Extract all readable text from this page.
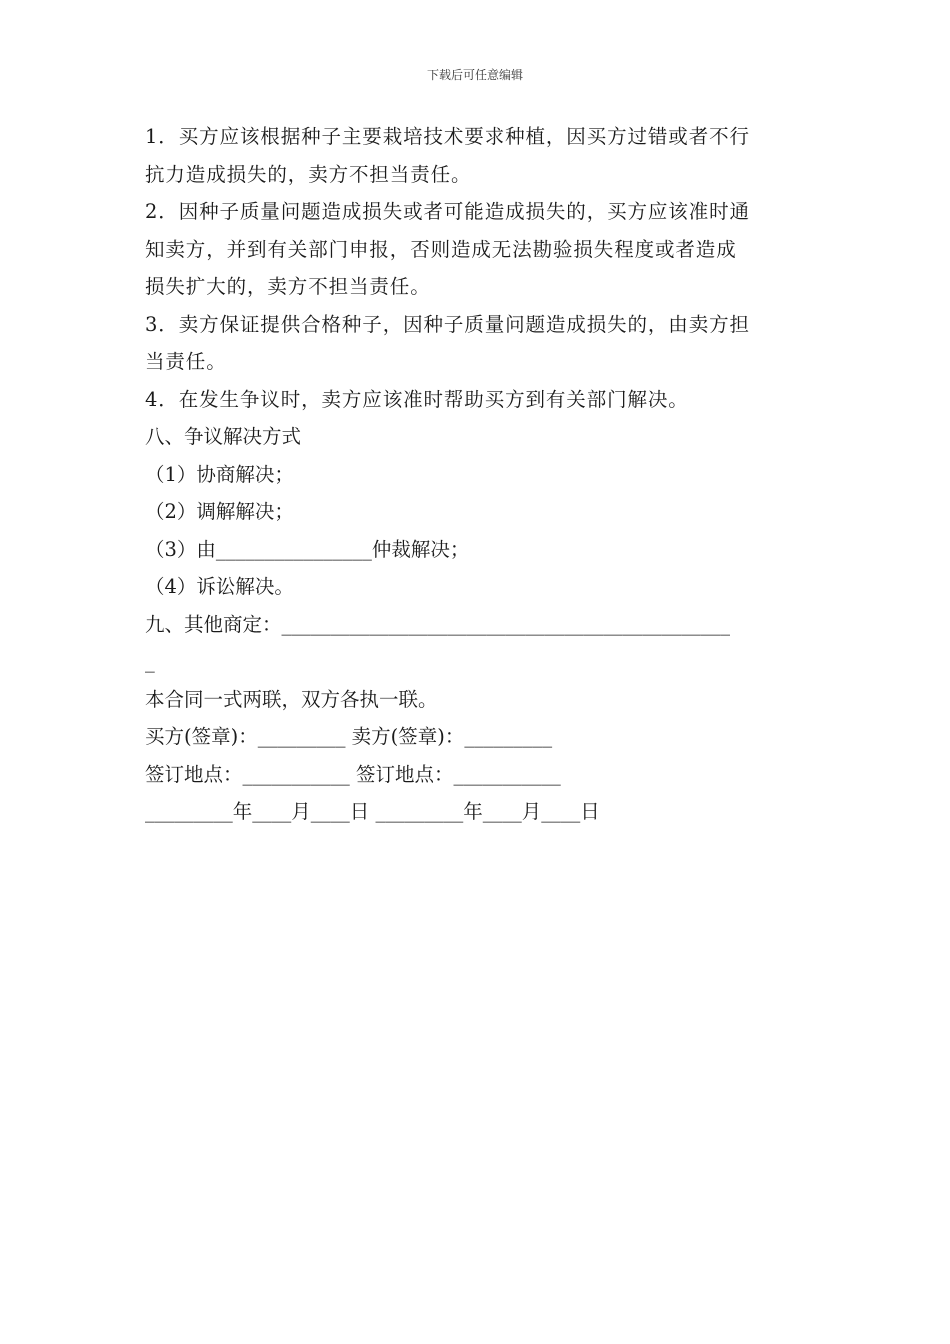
下载后可任意编辑
1．买方应该根据种子主要栽培技术要求种植，因买方过错或者不行
抗力造成损失的，卖方不担当责任。
2．因种子质量问题造成损失或者可能造成损失的，买方应该准时通
知卖方，并到有关部门申报，否则造成无法勘验损失程度或者造成
损失扩大的，卖方不担当责任。
3．卖方保证提供合格种子，因种子质量问题造成损失的，由卖方担
当责任。
4．在发生争议时，卖方应该准时帮助买方到有关部门解决。
八、争议解决方式
（1）协商解决；
（2）调解解决；
（3）由________________仲裁解决；
（4）诉讼解决。
九、其他商定：______________________________________________
_
本合同一式两联，双方各执一联。
买方(签章)：_________ 卖方(签章)：_________
签订地点：___________ 签订地点：___________
_________年____月____日 _________年____月____日
